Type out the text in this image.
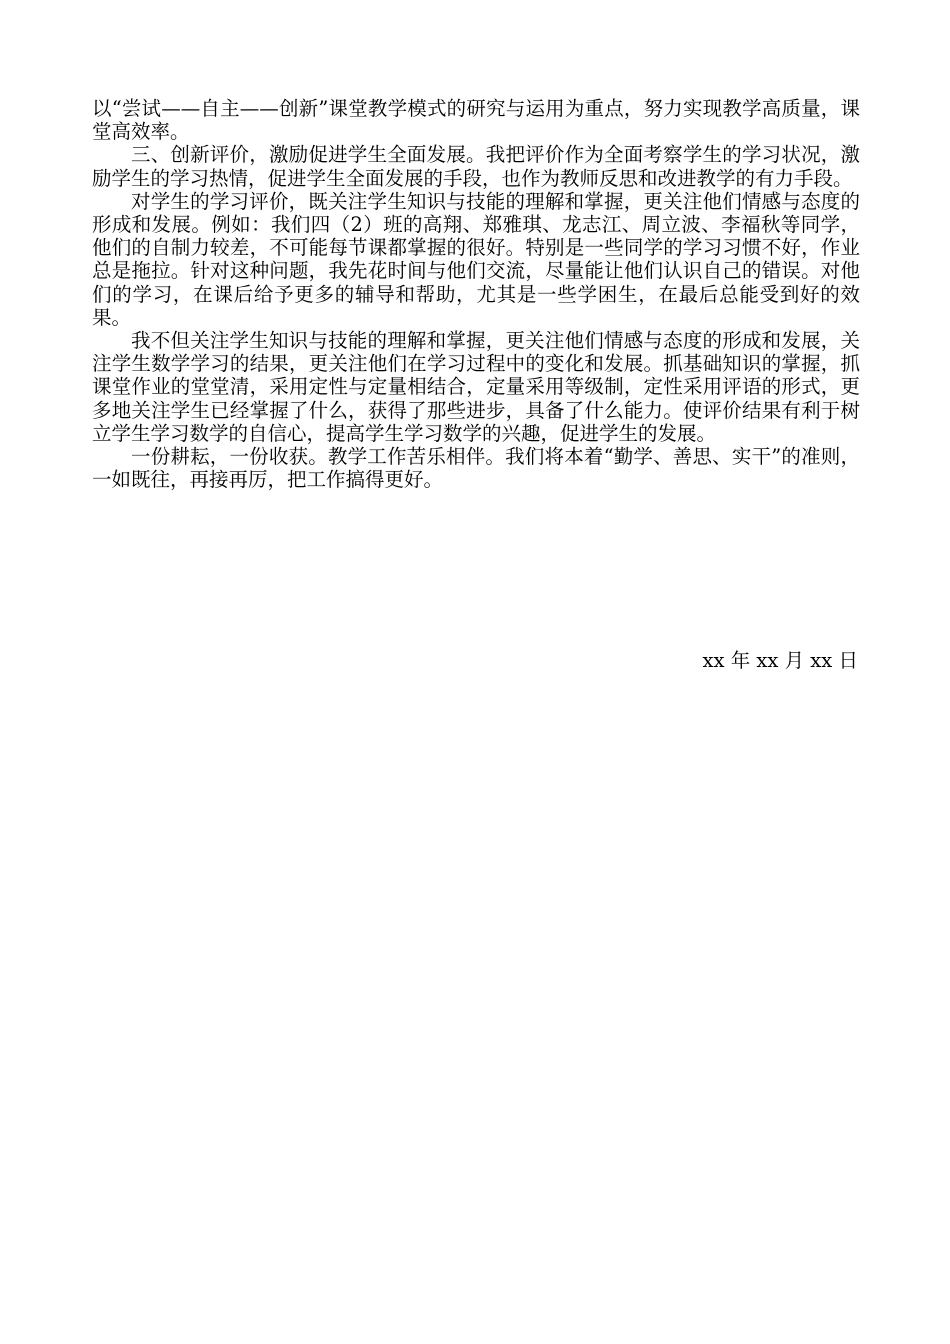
以“尝试——自主——创新”课堂教学模式的研究与运用为重点，努力实现教学高质量，课堂高效率。

三、创新评价，激励促进学生全面发展。我把评价作为全面考察学生的学习状况，激励学生的学习热情，促进学生全面发展的手段，也作为教师反思和改进教学的有力手段。

对学生的学习评价，既关注学生知识与技能的理解和掌握，更关注他们情感与态度的形成和发展。例如：我们四（2）班的高翔、郑雅琪、龙志江、周立波、李福秋等同学，他们的自制力较差，不可能每节课都掌握的很好。特别是一些同学的学习习惯不好，作业总是拖拉。针对这种问题，我先花时间与他们交流，尽量能让他们认识自己的错误。对他们的学习，在课后给予更多的辅导和帮助，尤其是一些学困生，在最后总能受到好的效果。

我不但关注学生知识与技能的理解和掌握，更关注他们情感与态度的形成和发展，关注学生数学学习的结果，更关注他们在学习过程中的变化和发展。抓基础知识的掌握，抓课堂作业的堂堂清，采用定性与定量相结合，定量采用等级制，定性采用评语的形式，更多地关注学生已经掌握了什么，获得了那些进步，具备了什么能力。使评价结果有利于树立学生学习数学的自信心，提高学生学习数学的兴趣，促进学生的发展。

一份耕耘，一份收获。教学工作苦乐相伴。我们将本着“勤学、善思、实干”的准则，一如既往，再接再厉，把工作搞得更好。

xx 年 xx 月 xx 日
